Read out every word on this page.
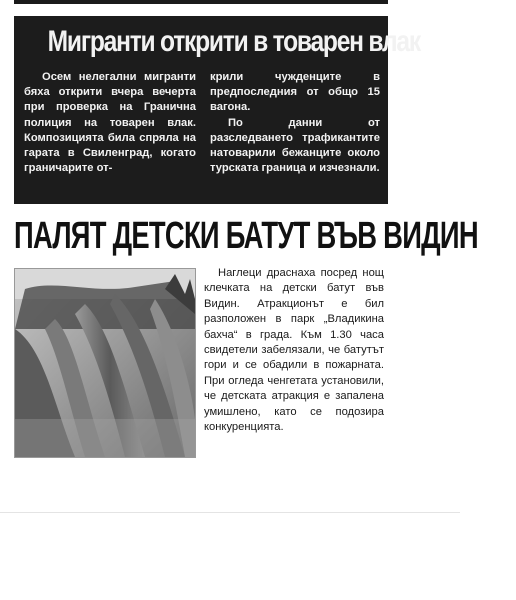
Мигранти открити в товарен влак

Осем нелегални мигранти бяха открити вчера вечерта при проверка на Гранична полиция на товарен влак. Композицията била спряла на гарата в Свиленград, когато граничарите от-

крили чужденците в предпоследния от общо 15 вагона.

По данни от разследването трафикантите натоварили бежанците около турската граница и изчезнали.

ПАЛЯТ ДЕТСКИ БАТУТ ВЪВ ВИДИН

Наглеци драснаха посред нощ клечката на детски батут във Видин. Атракционът е бил разположен в парк „Владикина бахча“ в града. Към 1.30 часа свидетели забелязали, че батутът гори и се обадили в пожарната. При огледа ченгетата установили, че детската атракция е запалена умишлено, като се подозира конкуренцията.
